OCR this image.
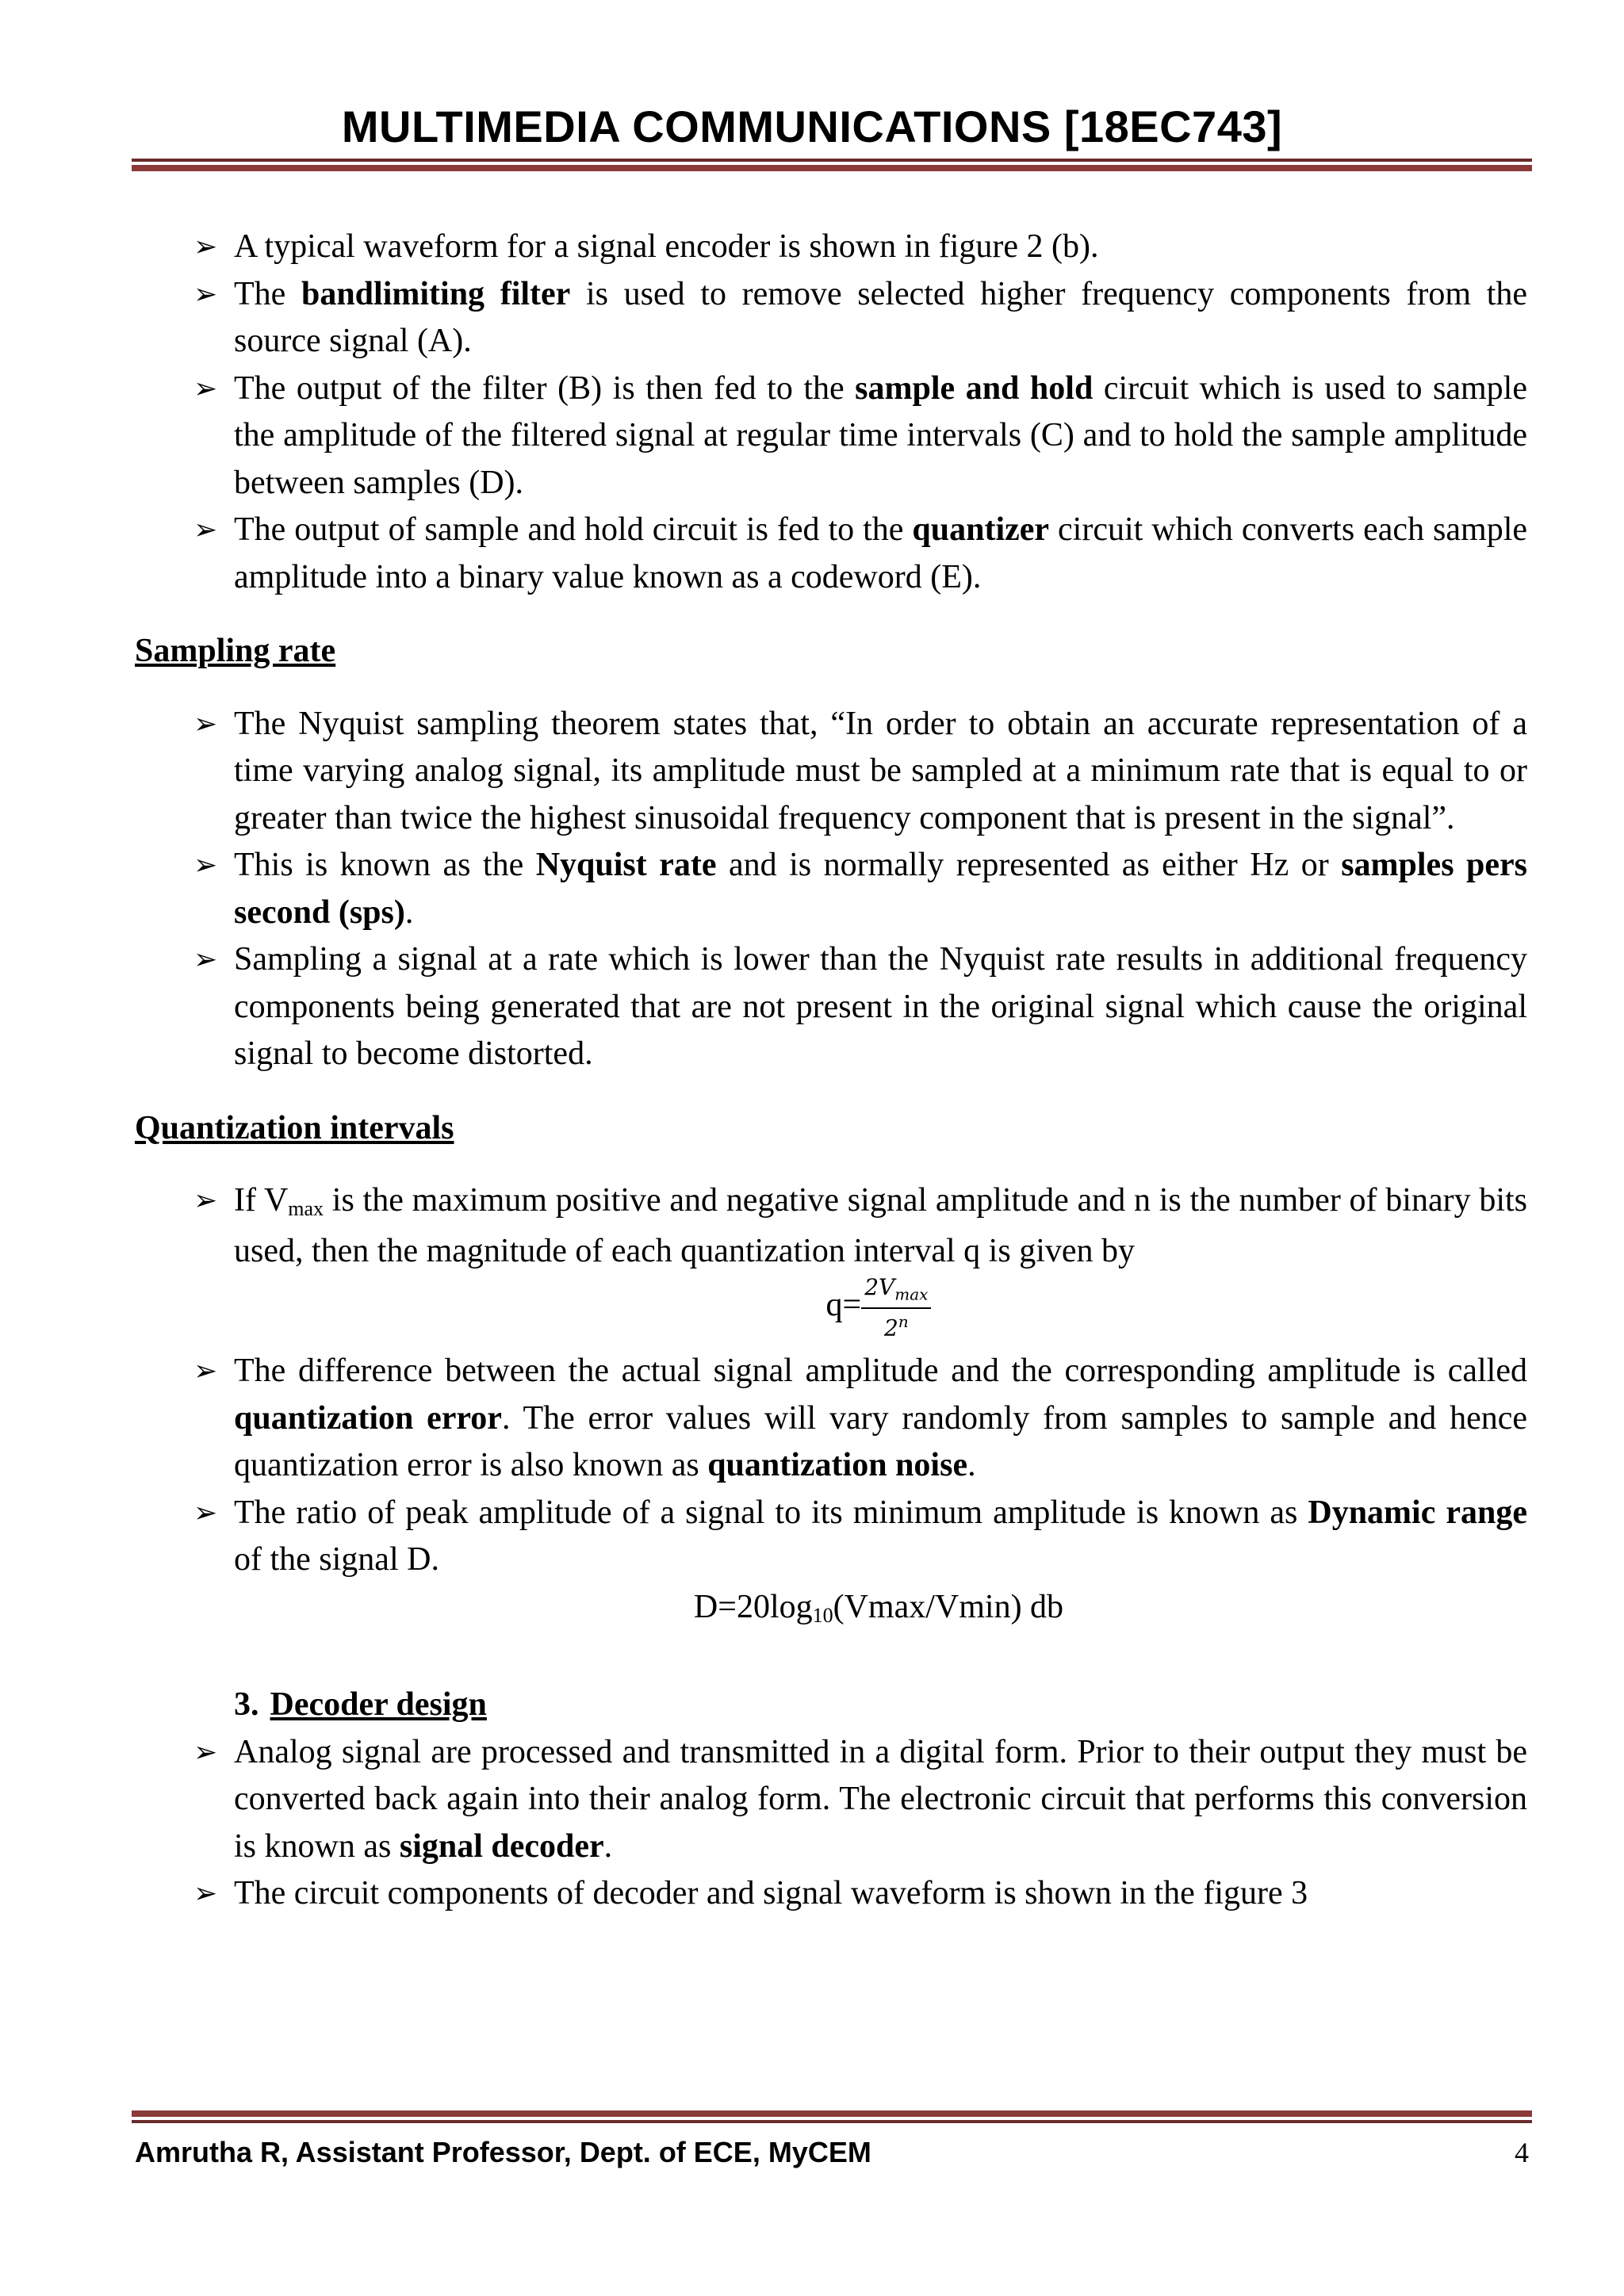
MULTIMEDIA COMMUNICATIONS [18EC743]
➢ A typical waveform for a signal encoder is shown in figure 2 (b).
➢ The bandlimiting filter is used to remove selected higher frequency components from the source signal (A).
➢ The output of the filter (B) is then fed to the sample and hold circuit which is used to sample the amplitude of the filtered signal at regular time intervals (C) and to hold the sample amplitude between samples (D).
➢ The output of sample and hold circuit is fed to the quantizer circuit which converts each sample amplitude into a binary value known as a codeword (E).
Sampling rate
➢ The Nyquist sampling theorem states that, “In order to obtain an accurate representation of a time varying analog signal, its amplitude must be sampled at a minimum rate that is equal to or greater than twice the highest sinusoidal frequency component that is present in the signal”.
➢ This is known as the Nyquist rate and is normally represented as either Hz or samples pers second (sps).
➢ Sampling a signal at a rate which is lower than the Nyquist rate results in additional frequency components being generated that are not present in the original signal which cause the original signal to become distorted.
Quantization intervals
➢ If Vmax is the maximum positive and negative signal amplitude and n is the number of binary bits used, then the magnitude of each quantization interval q is given by
$q= \frac{2V_{max}}{2^n}$
➢ The difference between the actual signal amplitude and the corresponding amplitude is called quantization error. The error values will vary randomly from samples to sample and hence quantization error is also known as quantization noise.
➢ The ratio of peak amplitude of a signal to its minimum amplitude is known as Dynamic range of the signal D.
D=20log10(Vmax/Vmin) db
3. Decoder design
➢ Analog signal are processed and transmitted in a digital form. Prior to their output they must be converted back again into their analog form. The electronic circuit that performs this conversion is known as signal decoder.
➢ The circuit components of decoder and signal waveform is shown in the figure 3
Amrutha R, Assistant Professor, Dept. of ECE, MyCEM	4
